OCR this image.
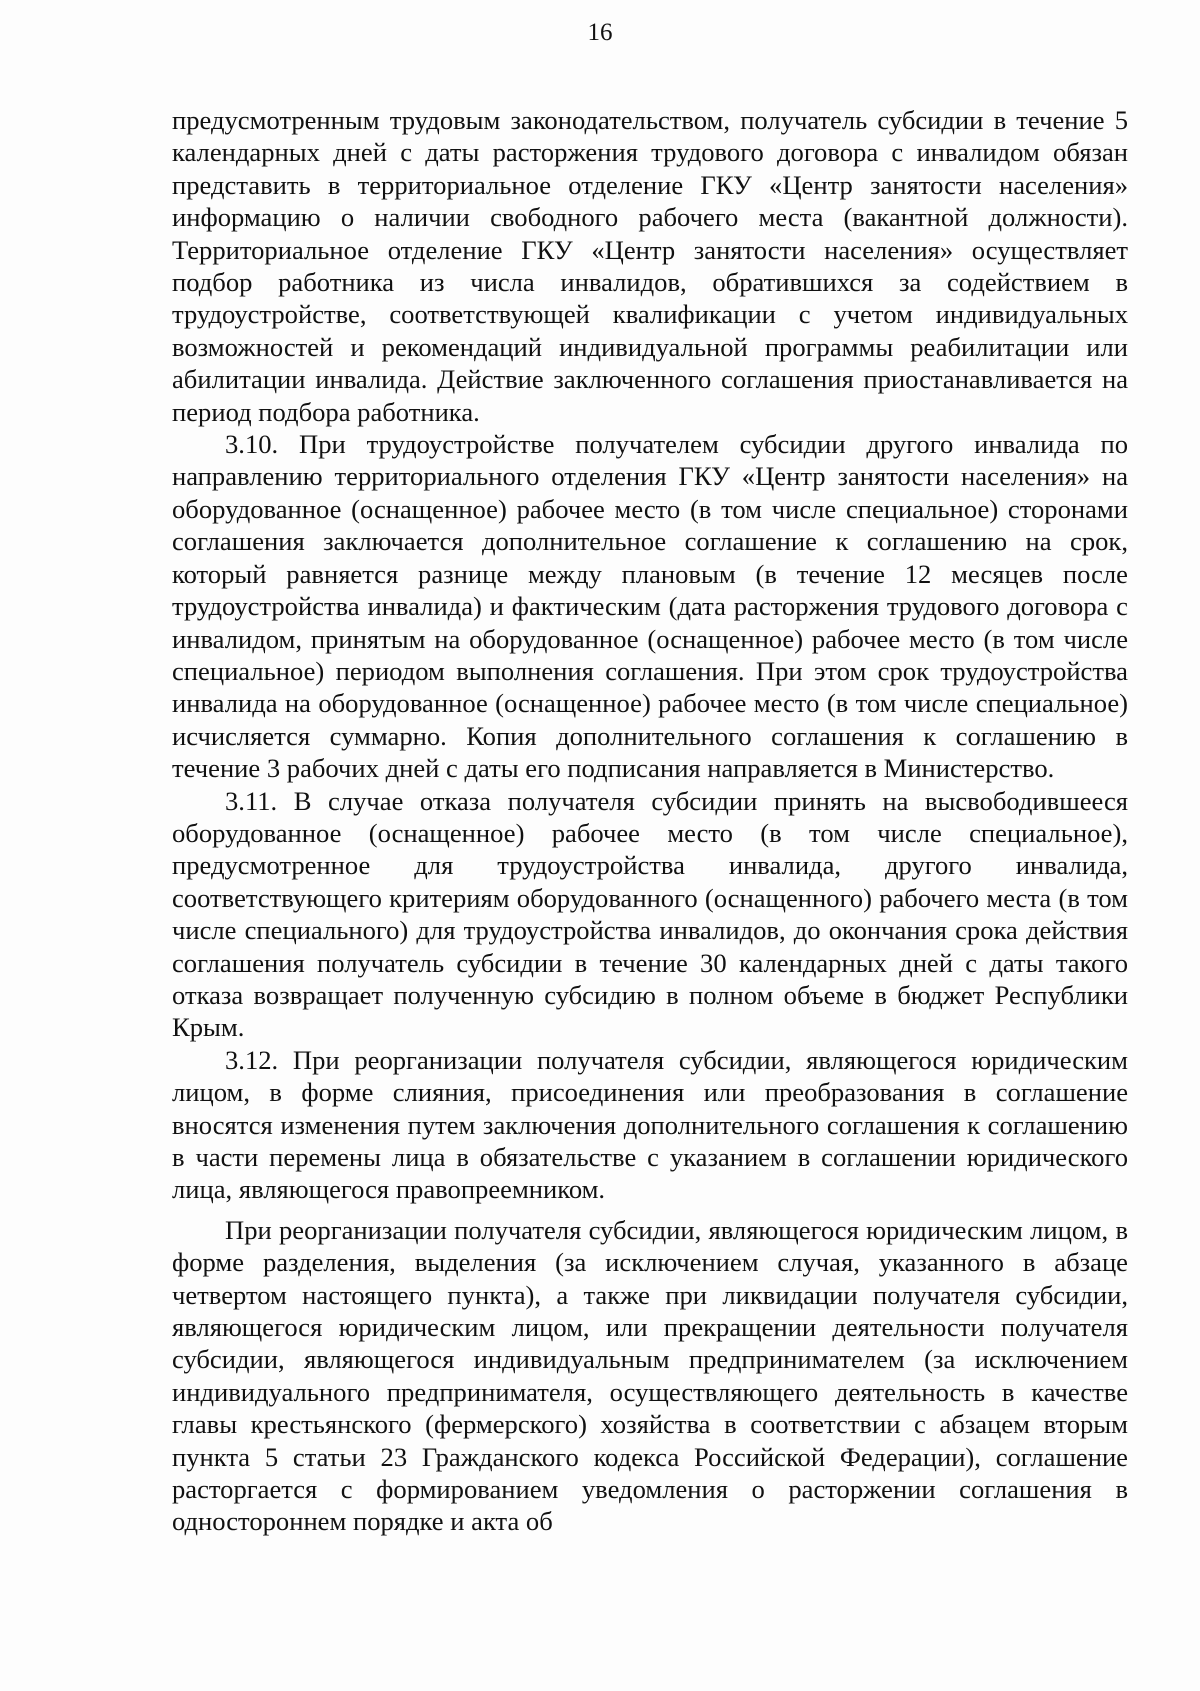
16

предусмотренным трудовым законодательством, получатель субсидии в течение 5 календарных дней с даты расторжения трудового договора с инвалидом обязан представить в территориальное отделение ГКУ «Центр занятости населения» информацию о наличии свободного рабочего места (вакантной должности). Территориальное отделение ГКУ «Центр занятости населения» осуществляет подбор работника из числа инвалидов, обратившихся за содействием в трудоустройстве, соответствующей квалификации с учетом индивидуальных возможностей и рекомендаций индивидуальной программы реабилитации или абилитации инвалида. Действие заключенного соглашения приостанавливается на период подбора работника.

3.10. При трудоустройстве получателем субсидии другого инвалида по направлению территориального отделения ГКУ «Центр занятости населения» на оборудованное (оснащенное) рабочее место (в том числе специальное) сторонами соглашения заключается дополнительное соглашение к соглашению на срок, который равняется разнице между плановым (в течение 12 месяцев после трудоустройства инвалида) и фактическим (дата расторжения трудового договора с инвалидом, принятым на оборудованное (оснащенное) рабочее место (в том числе специальное) периодом выполнения соглашения. При этом срок трудоустройства инвалида на оборудованное (оснащенное) рабочее место (в том числе специальное) исчисляется суммарно. Копия дополнительного соглашения к соглашению в течение 3 рабочих дней с даты его подписания направляется в Министерство.

3.11. В случае отказа получателя субсидии принять на высвободившееся оборудованное (оснащенное) рабочее место (в том числе специальное), предусмотренное для трудоустройства инвалида, другого инвалида, соответствующего критериям оборудованного (оснащенного) рабочего места (в том числе специального) для трудоустройства инвалидов, до окончания срока действия соглашения получатель субсидии в течение 30 календарных дней с даты такого отказа возвращает полученную субсидию в полном объеме в бюджет Республики Крым.

3.12. При реорганизации получателя субсидии, являющегося юридическим лицом, в форме слияния, присоединения или преобразования в соглашение вносятся изменения путем заключения дополнительного соглашения к соглашению в части перемены лица в обязательстве с указанием в соглашении юридического лица, являющегося правопреемником.

При реорганизации получателя субсидии, являющегося юридическим лицом, в форме разделения, выделения (за исключением случая, указанного в абзаце четвертом настоящего пункта), а также при ликвидации получателя субсидии, являющегося юридическим лицом, или прекращении деятельности получателя субсидии, являющегося индивидуальным предпринимателем (за исключением индивидуального предпринимателя, осуществляющего деятельность в качестве главы крестьянского (фермерского) хозяйства в соответствии с абзацем вторым пункта 5 статьи 23 Гражданского кодекса Российской Федерации), соглашение расторгается с формированием уведомления о расторжении соглашения в одностороннем порядке и акта об
